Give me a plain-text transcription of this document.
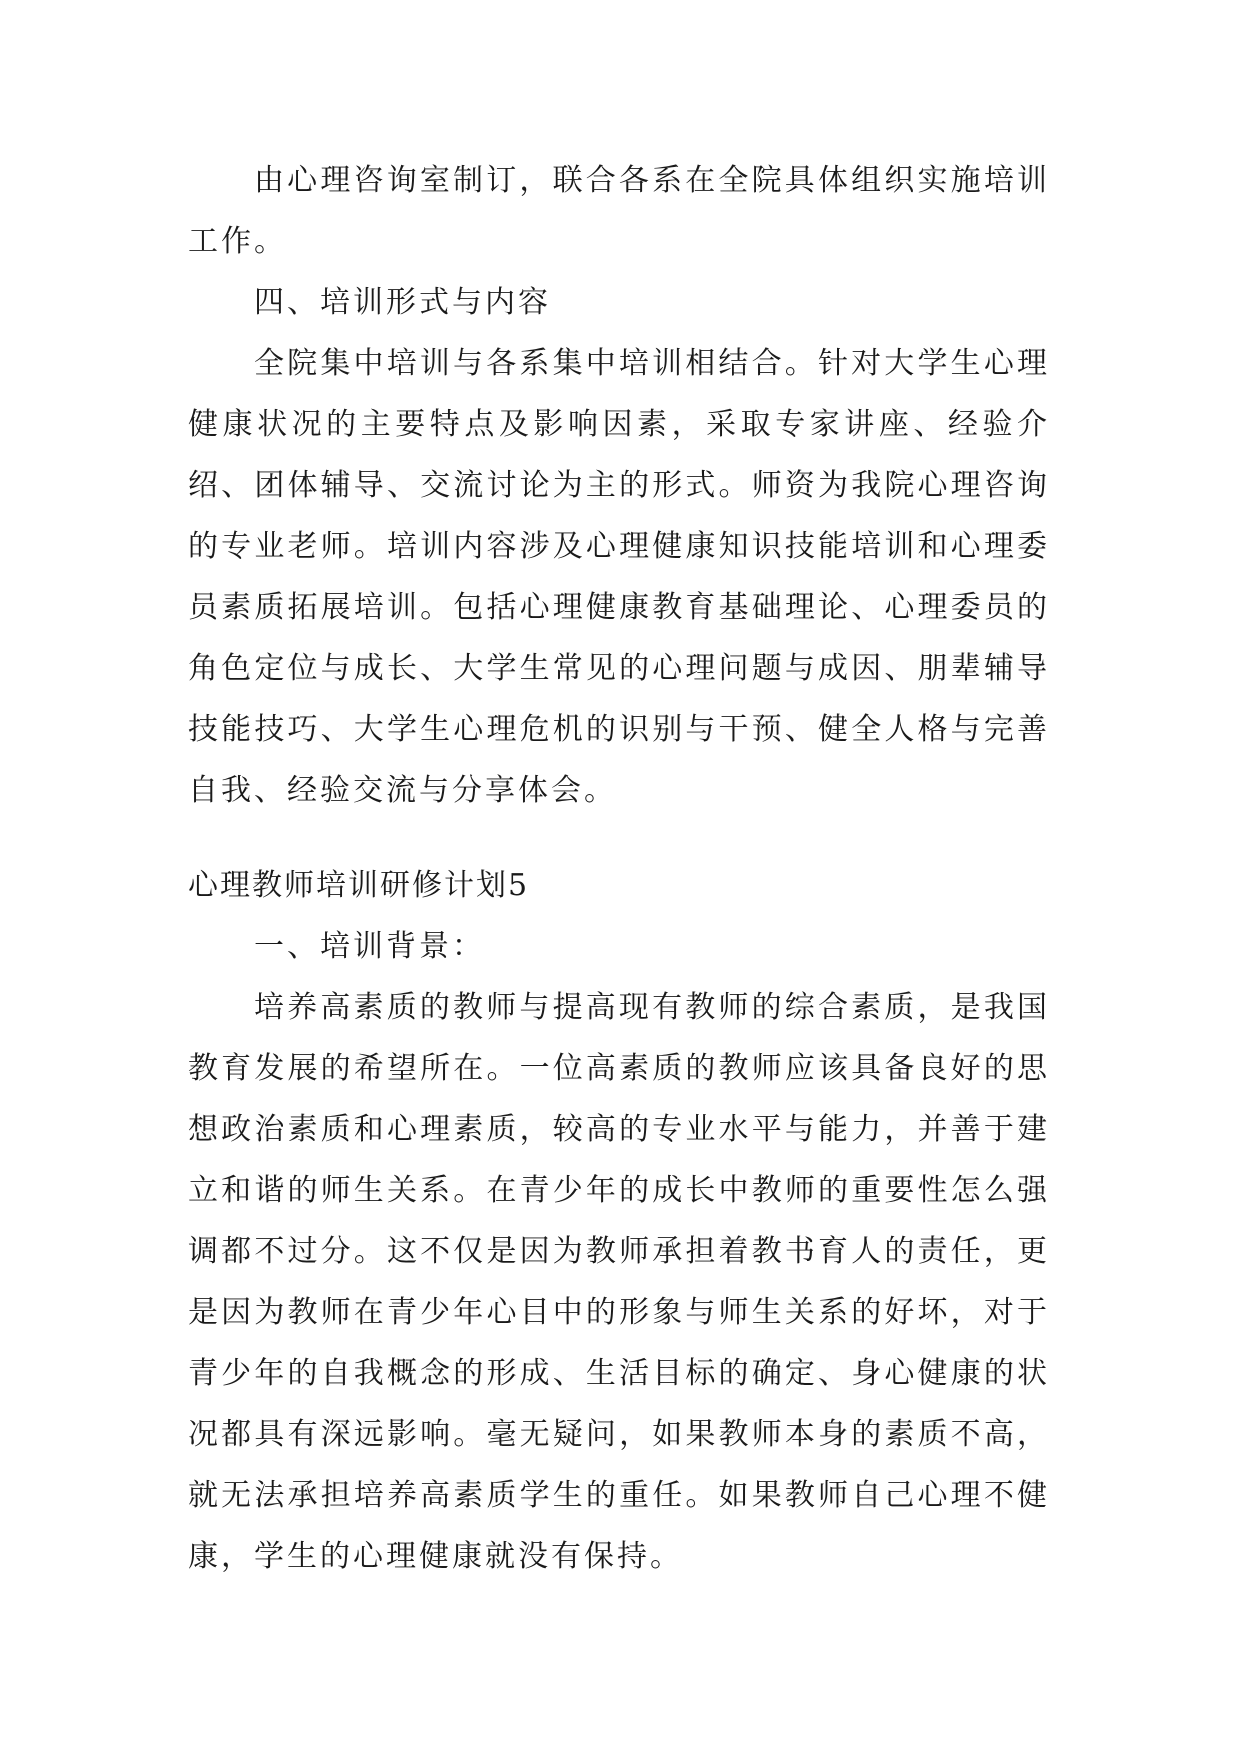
由心理咨询室制订，联合各系在全院具体组织实施培训工作。

四、培训形式与内容

全院集中培训与各系集中培训相结合。针对大学生心理健康状况的主要特点及影响因素，采取专家讲座、经验介绍、团体辅导、交流讨论为主的形式。师资为我院心理咨询的专业老师。培训内容涉及心理健康知识技能培训和心理委员素质拓展培训。包括心理健康教育基础理论、心理委员的角色定位与成长、大学生常见的心理问题与成因、朋辈辅导技能技巧、大学生心理危机的识别与干预、健全人格与完善自我、经验交流与分享体会。

心理教师培训研修计划5

一、培训背景：

培养高素质的教师与提高现有教师的综合素质，是我国教育发展的希望所在。一位高素质的教师应该具备良好的思想政治素质和心理素质，较高的专业水平与能力，并善于建立和谐的师生关系。在青少年的成长中教师的重要性怎么强调都不过分。这不仅是因为教师承担着教书育人的责任，更是因为教师在青少年心目中的形象与师生关系的好坏，对于青少年的自我概念的形成、生活目标的确定、身心健康的状况都具有深远影响。毫无疑问，如果教师本身的素质不高，就无法承担培养高素质学生的重任。如果教师自己心理不健康，学生的心理健康就没有保持。
